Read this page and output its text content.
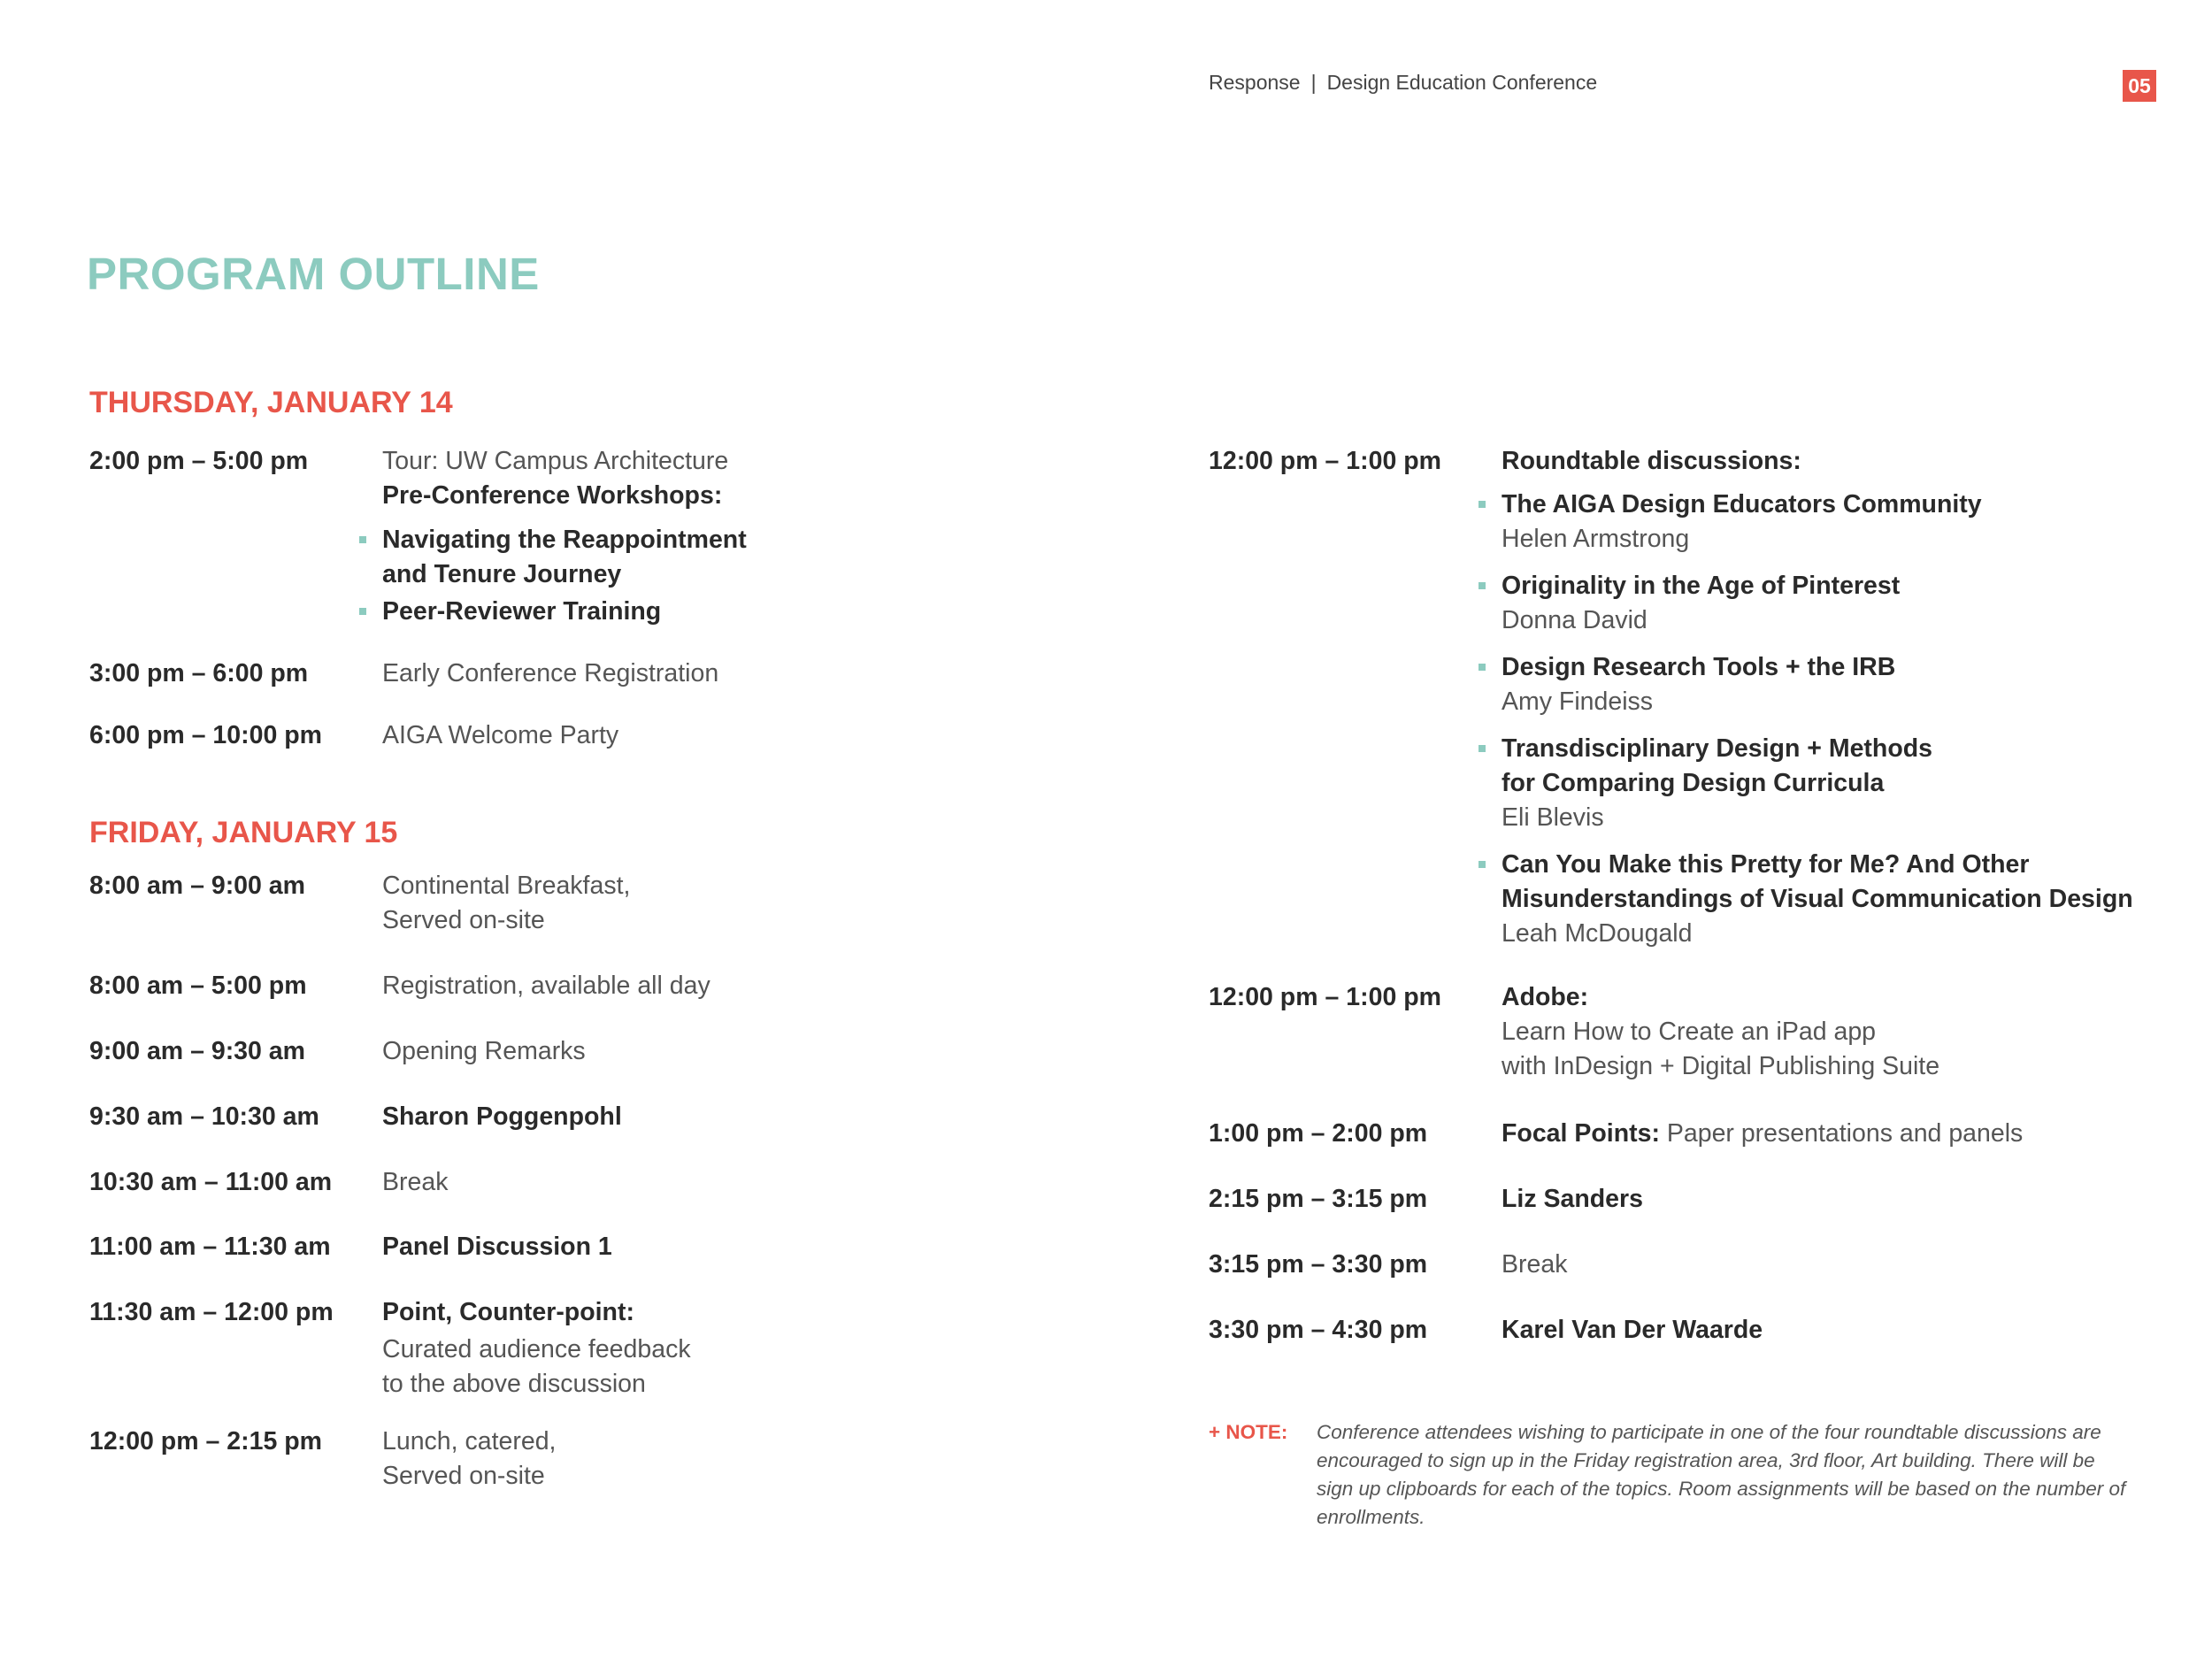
Response | Design Education Conference	05
PROGRAM OUTLINE
THURSDAY, JANUARY 14
2:00 pm – 5:00 pm	Tour: UW Campus Architecture
Pre-Conference Workshops:
Navigating the Reappointment
and Tenure Journey
Peer-Reviewer Training
3:00 pm – 6:00 pm	Early Conference Registration
6:00 pm – 10:00 pm AIGA Welcome Party
FRIDAY, JANUARY 15
8:00 am – 9:00 am	Continental Breakfast,
Served on-site
8:00 am – 5:00 pm	Registration, available all day
9:00 am – 9:30 am	Opening Remarks
9:30 am – 10:30 am Sharon Poggenpohl
10:30 am – 11:00 am Break
11:00 am – 11:30 am Panel Discussion 1
11:30 am – 12:00 pm Point, Counter-point:
Curated audience feedback
to the above discussion
12:00 pm – 2:15 pm Lunch, catered,
Served on-site
12:00 pm – 1:00 pm Roundtable discussions:
The AIGA Design Educators Community
Helen Armstrong
Originality in the Age of Pinterest
Donna David
Design Research Tools + the IRB
Amy Findeiss
Transdisciplinary Design + Methods
for Comparing Design Curricula
Eli Blevis
Can You Make this Pretty for Me? And Other
Misunderstandings of Visual Communication Design
Leah McDougald
12:00 pm – 1:00 pm Adobe:
Learn How to Create an iPad app
with InDesign + Digital Publishing Suite
1:00 pm – 2:00 pm	Focal Points: Paper presentations and panels
2:15 pm – 3:15 pm	Liz Sanders
3:15 pm – 3:30 pm	Break
3:30 pm – 4:30 pm	Karel Van Der Waarde
+ NOTE: Conference attendees wishing to participate in one of the four roundtable discussions are encouraged to sign up in the Friday registration area, 3rd floor, Art building. There will be sign up clipboards for each of the topics. Room assignments will be based on the number of enrollments.
